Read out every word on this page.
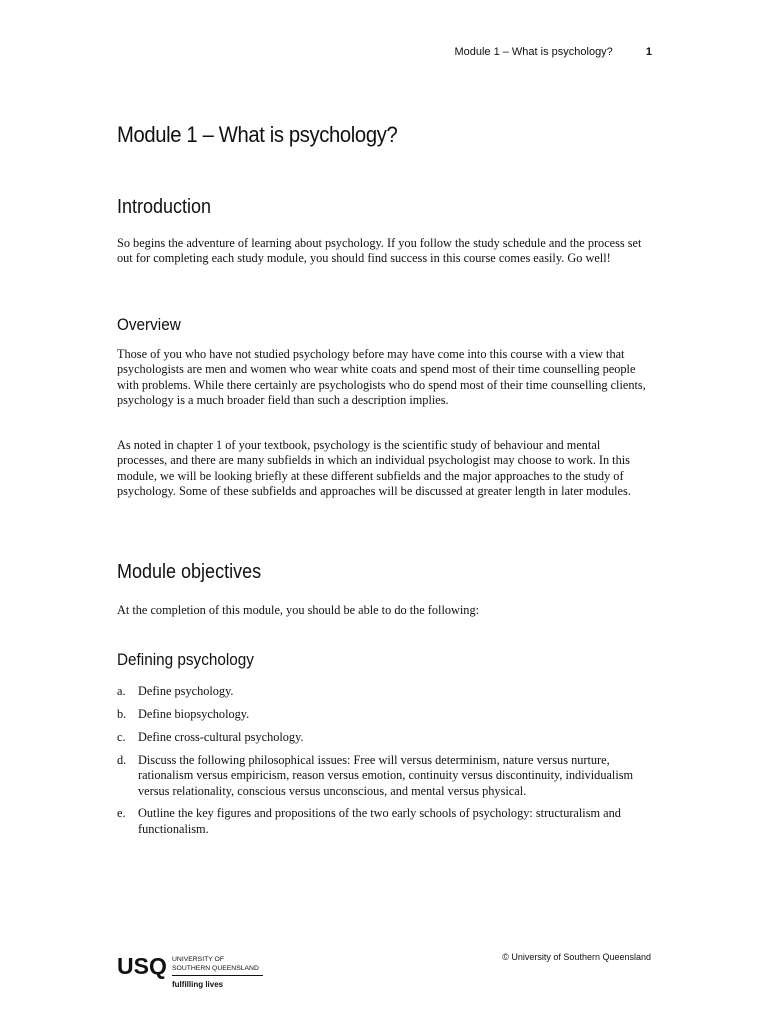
Module 1 – What is psychology?	1
Module 1 – What is psychology?
Introduction

So begins the adventure of learning about psychology. If you follow the study schedule and the process set out for completing each study module, you should find success in this course comes easily. Go well!

Overview

Those of you who have not studied psychology before may have come into this course with a view that psychologists are men and women who wear white coats and spend most of their time counselling people with problems. While there certainly are psychologists who do spend most of their time counselling clients, psychology is a much broader field than such a description implies.

As noted in chapter 1 of your textbook, psychology is the scientific study of behaviour and mental processes, and there are many subfields in which an individual psychologist may choose to work. In this module, we will be looking briefly at these different subfields and the major approaches to the study of psychology. Some of these subfields and approaches will be discussed at greater length in later modules.

Module objectives

At the completion of this module, you should be able to do the following:

Defining psychology
a. Define psychology.
b. Define biopsychology.
c. Define cross-cultural psychology.
d. Discuss the following philosophical issues: Free will versus determinism, nature versus nurture, rationalism versus empiricism, reason versus emotion, continuity versus discontinuity, individualism versus relationality, conscious versus unconscious, and mental versus physical.
e. Outline the key figures and propositions of the two early schools of psychology: structuralism and functionalism.
USQ UNIVERSITY OF
SOUTHERN QUEENSLAND
fulfilling lives
© University of Southern Queensland
